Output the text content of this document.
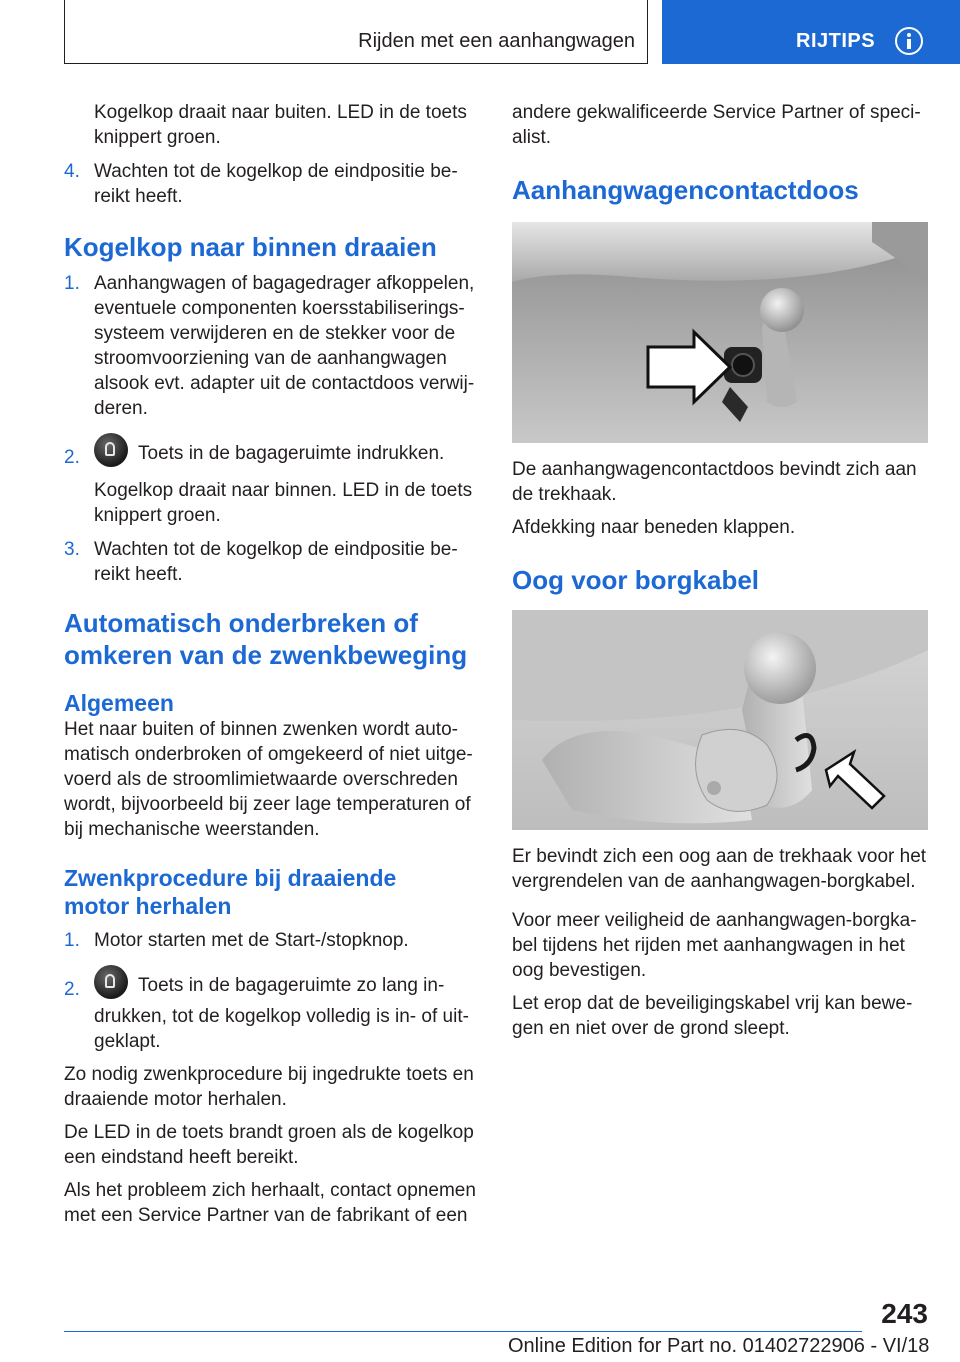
Rijden met een aanhangwagen	RIJTIPS

Kogelkop draait naar buiten. LED in de toets

knippert groen.

4. Wachten tot de kogelkop de eindpositie be-

reikt heeft.

Kogelkop naar binnen draaien
1. Aanhangwagen of bagagedrager afkoppelen,

eventuele componenten koersstabiliserings-

systeem verwijderen en de stekker voor de

stroomvoorziening van de aanhangwagen

alsook evt. adapter uit de contactdoos verwij-

deren.

2.	Toets in de bagageruimte indrukken.

Kogelkop draait naar binnen. LED in de toets

knippert groen.

3. Wachten tot de kogelkop de eindpositie be-

reikt heeft.

Automatisch onderbreken of
omkeren van de zwenkbeweging
Algemeen

Het naar buiten of binnen zwenken wordt auto-

matisch onderbroken of omgekeerd of niet uitge-

voerd als de stroomlimietwaarde overschreden

wordt, bijvoorbeeld bij zeer lage temperaturen of

bij mechanische weerstanden.

Zwenkprocedure bij draaiende
motor herhalen
1. Motor starten met de Start-/stopknop.

2.	Toets in de bagageruimte zo lang in-

drukken, tot de kogelkop volledig is in- of uit-

geklapt.

Zo nodig zwenkprocedure bij ingedrukte toets en

draaiende motor herhalen.

De LED in de toets brandt groen als de kogelkop

een eindstand heeft bereikt.

Als het probleem zich herhaalt, contact opnemen

met een Service Partner van de fabrikant of een

andere gekwalificeerde Service Partner of speci-

alist.

Aanhangwagencontactdoos

De aanhangwagencontactdoos bevindt zich aan

de trekhaak.

Afdekking naar beneden klappen.

Oog voor borgkabel

Er bevindt zich een oog aan de trekhaak voor het

vergrendelen van de aanhangwagen-borgkabel.

Voor meer veiligheid de aanhangwagen-borgka-

bel tijdens het rijden met aanhangwagen in het

oog bevestigen.

Let erop dat de beveiligingskabel vrij kan bewe-

gen en niet over de grond sleept.

243
Online Edition for Part no. 01402722906 - VI/18
